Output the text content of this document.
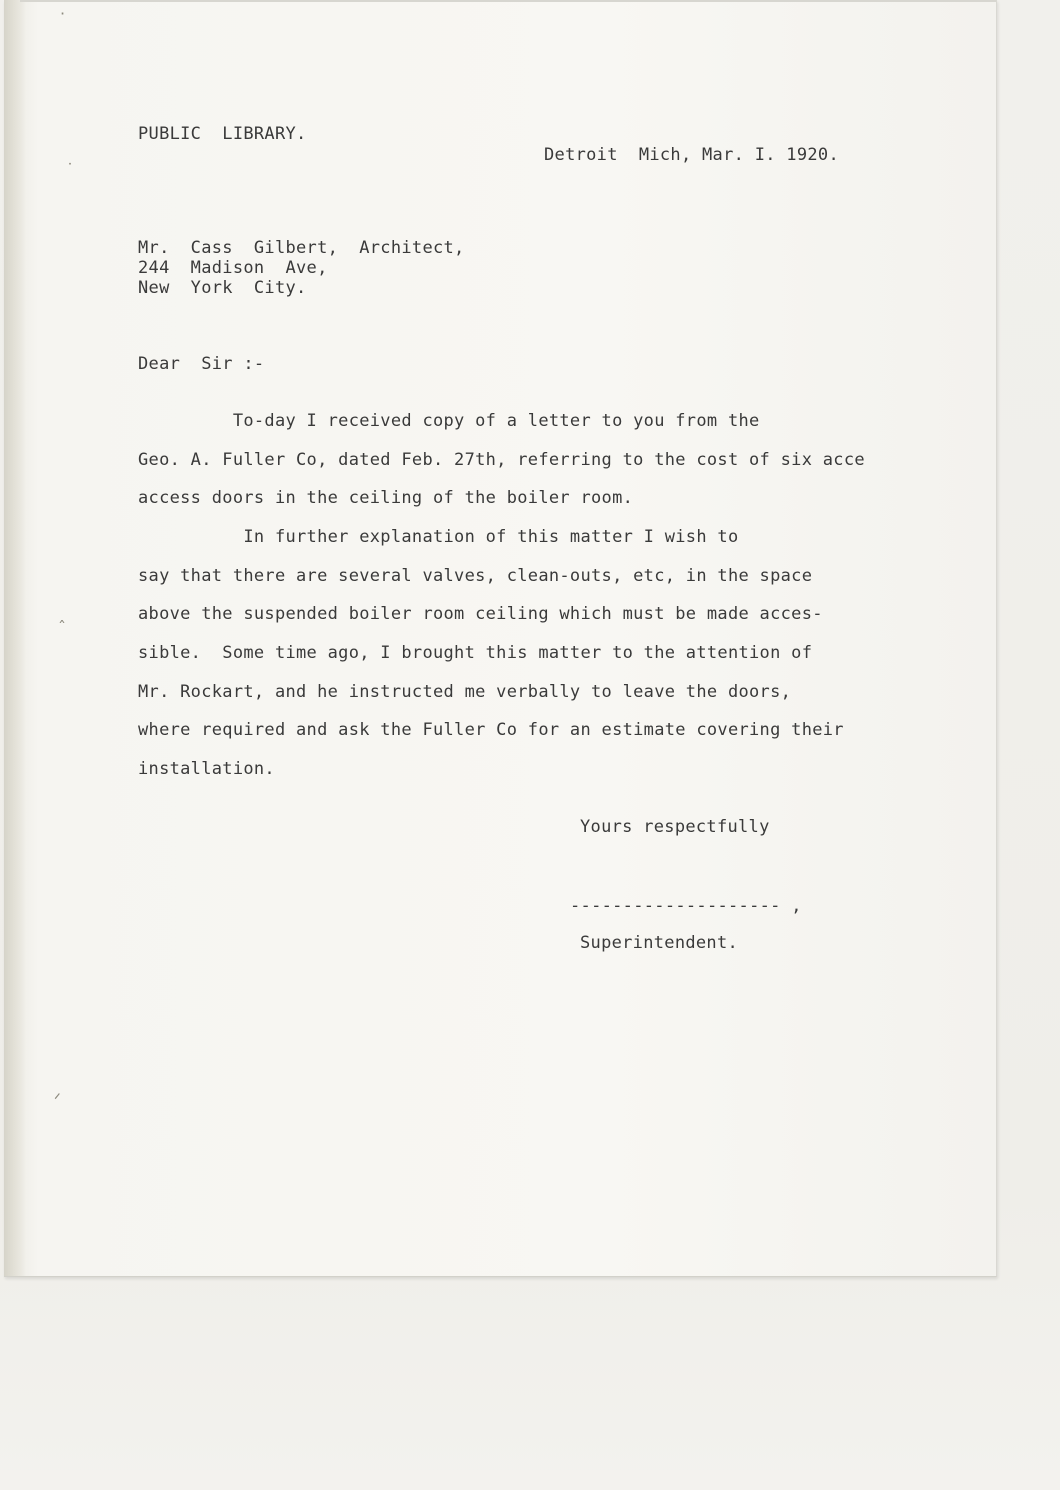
·
˙
ˆ
ᐟ
PUBLIC  LIBRARY.
Detroit  Mich, Mar. I. 1920.
Mr.  Cass  Gilbert,  Architect,
244  Madison  Ave,
New  York  City.
Dear  Sir :-
To-day I received copy of a letter to you from the
Geo. A. Fuller Co, dated Feb. 27th, referring to the cost of six acce
access doors in the ceiling of the boiler room.
In further explanation of this matter I wish to
say that there are several valves, clean-outs, etc, in the space
above the suspended boiler room ceiling which must be made acces-
sible.  Some time ago, I brought this matter to the attention of
Mr. Rockart, and he instructed me verbally to leave the doors,
where required and ask the Fuller Co for an estimate covering their
installation.
Yours respectfully
-------------------- ,
Superintendent.
